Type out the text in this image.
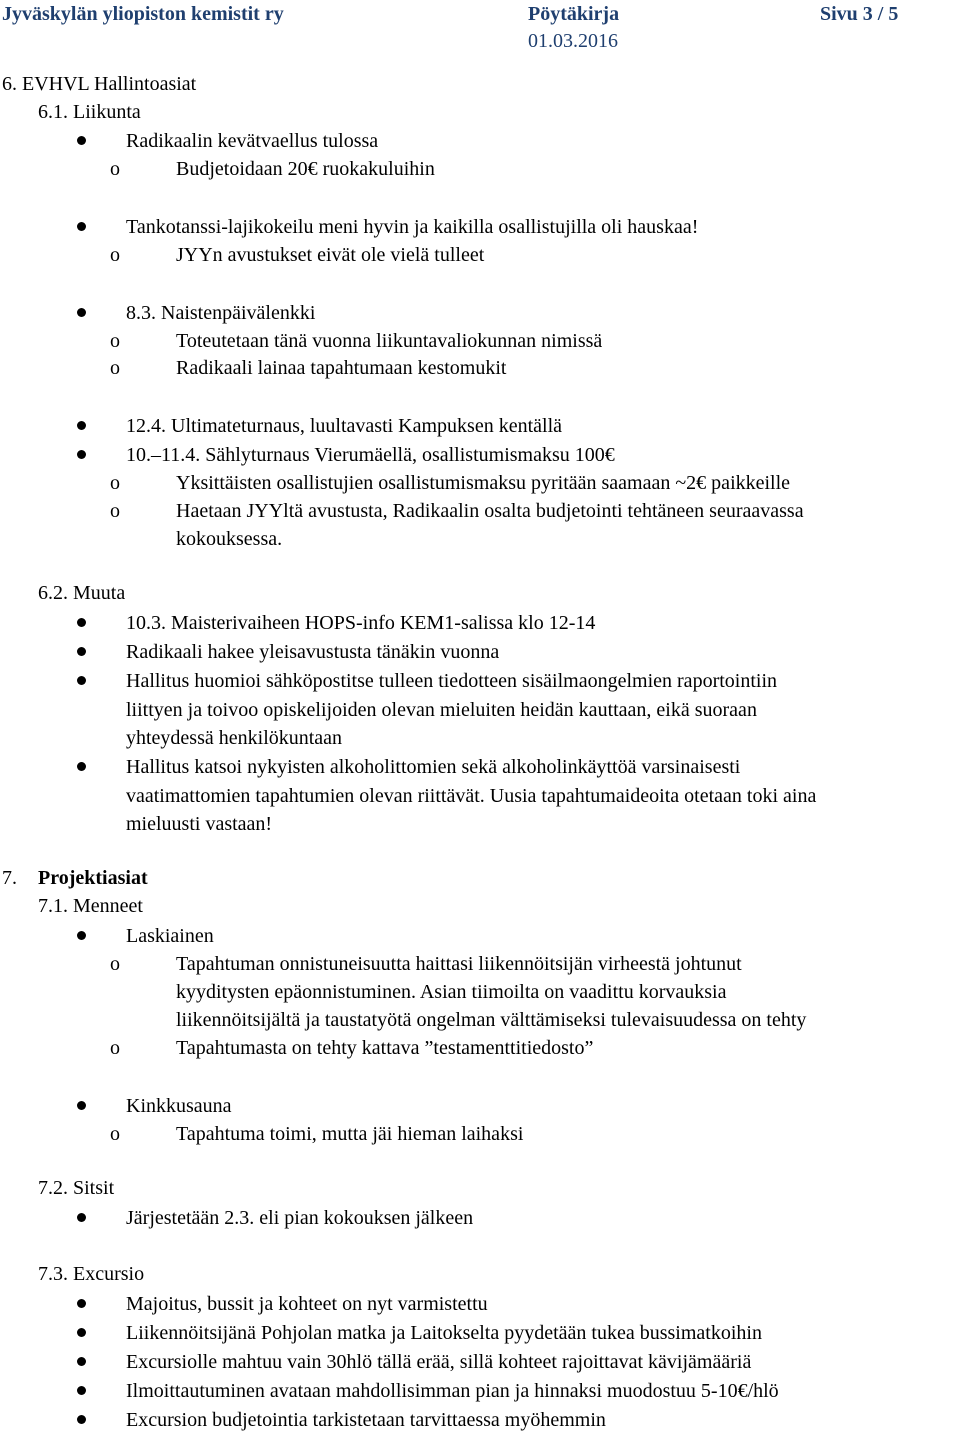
Jyväskylän yliopiston kemistit ry	Pöytäkirja
01.03.2016
Sivu 3 / 5
6. EVHVL Hallintoasiat
6.1. Liikunta
Radikaalin kevätvaellus tulossa
o	Budjetoidaan 20€ ruokakuluihin
Tankotanssi-lajikokeilu meni hyvin ja kaikilla osallistujilla oli hauskaa!
o	JYYn avustukset eivät ole vielä tulleet
8.3. Naistenpäivälenkki
o	Toteutetaan tänä vuonna liikuntavaliokunnan nimissä
o	Radikaali lainaa tapahtumaan kestomukit
12.4. Ultimateturnaus, luultavasti Kampuksen kentällä
10.–11.4. Sählyturnaus Vierumäellä, osallistumismaksu 100€
o	Yksittäisten osallistujien osallistumismaksu pyritään saamaan ~2€ paikkeille
o	Haetaan JYYltä avustusta, Radikaalin osalta budjetointi tehtäneen seuraavassa
kokouksessa.
6.2. Muuta
10.3. Maisterivaiheen HOPS-info KEM1-salissa klo 12-14
Radikaali hakee yleisavustusta tänäkin vuonna
Hallitus huomioi sähköpostitse tulleen tiedotteen sisäilmaongelmien raportointiin
liittyen ja toivoo opiskelijoiden olevan mieluiten heidän kauttaan, eikä suoraan
yhteydessä henkilökuntaan
Hallitus katsoi nykyisten alkoholittomien sekä alkoholinkäyttöä varsinaisesti
vaatimattomien tapahtumien olevan riittävät. Uusia tapahtumaideoita otetaan toki aina
mieluusti vastaan!
7. Projektiasiat
7.1. Menneet
Laskiainen
o	Tapahtuman onnistuneisuutta haittasi liikennöitsijän virheestä johtunut
kyyditysten epäonnistuminen. Asian tiimoilta on vaadittu korvauksia
liikennöitsijältä ja taustatyötä ongelman välttämiseksi tulevaisuudessa on tehty
o	Tapahtumasta on tehty kattava ”testamenttitiedosto”
Kinkkusauna
o	Tapahtuma toimi, mutta jäi hieman laihaksi
7.2. Sitsit
Järjestetään 2.3. eli pian kokouksen jälkeen
7.3. Excursio
Majoitus, bussit ja kohteet on nyt varmistettu
Liikennöitsijänä Pohjolan matka ja Laitokselta pyydetään tukea bussimatkoihin
Excursiolle mahtuu vain 30hlö tällä erää, sillä kohteet rajoittavat kävijämääriä
Ilmoittautuminen avataan mahdollisimman pian ja hinnaksi muodostuu 5-10€/hlö
Excursion budjetointia tarkistetaan tarvittaessa myöhemmin
